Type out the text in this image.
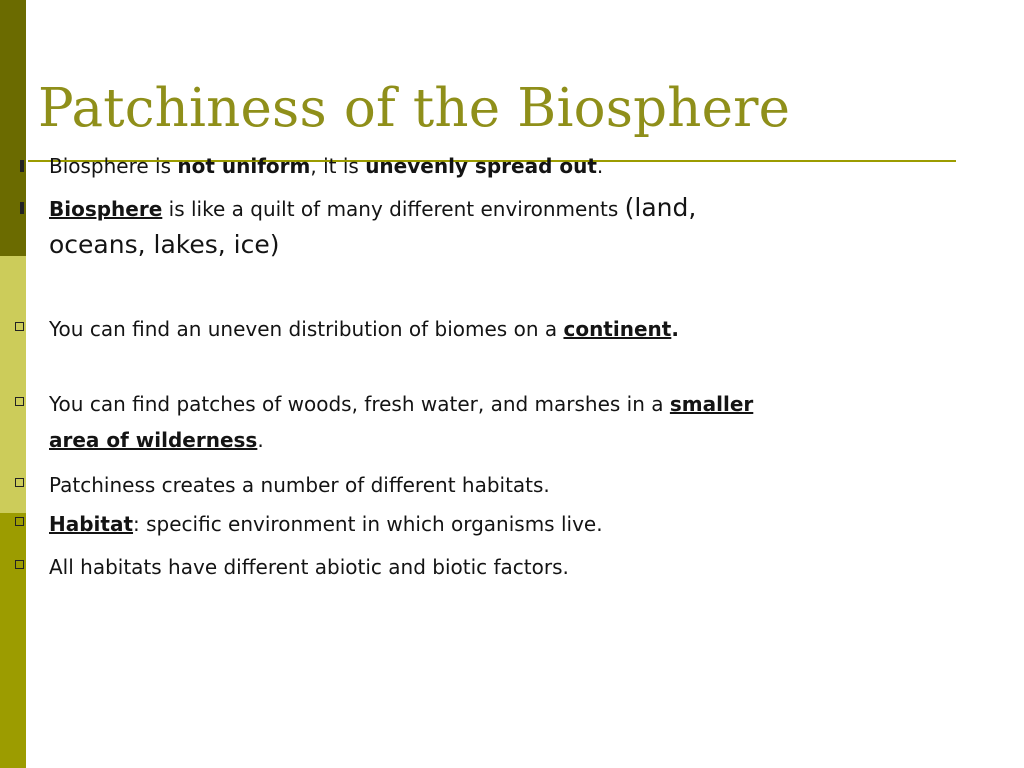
Patchiness of the Biosphere
Biosphere is not uniform, it is unevenly spread out.
Biosphere is like a quilt of many different environments (land,
oceans, lakes, ice)
You can find an uneven distribution of biomes on a continent.
You can find patches of woods, fresh water, and marshes in a smaller
area of wilderness.
Patchiness creates a number of different habitats.
Habitat: specific environment in which organisms live.
All habitats have different abiotic and biotic factors.
